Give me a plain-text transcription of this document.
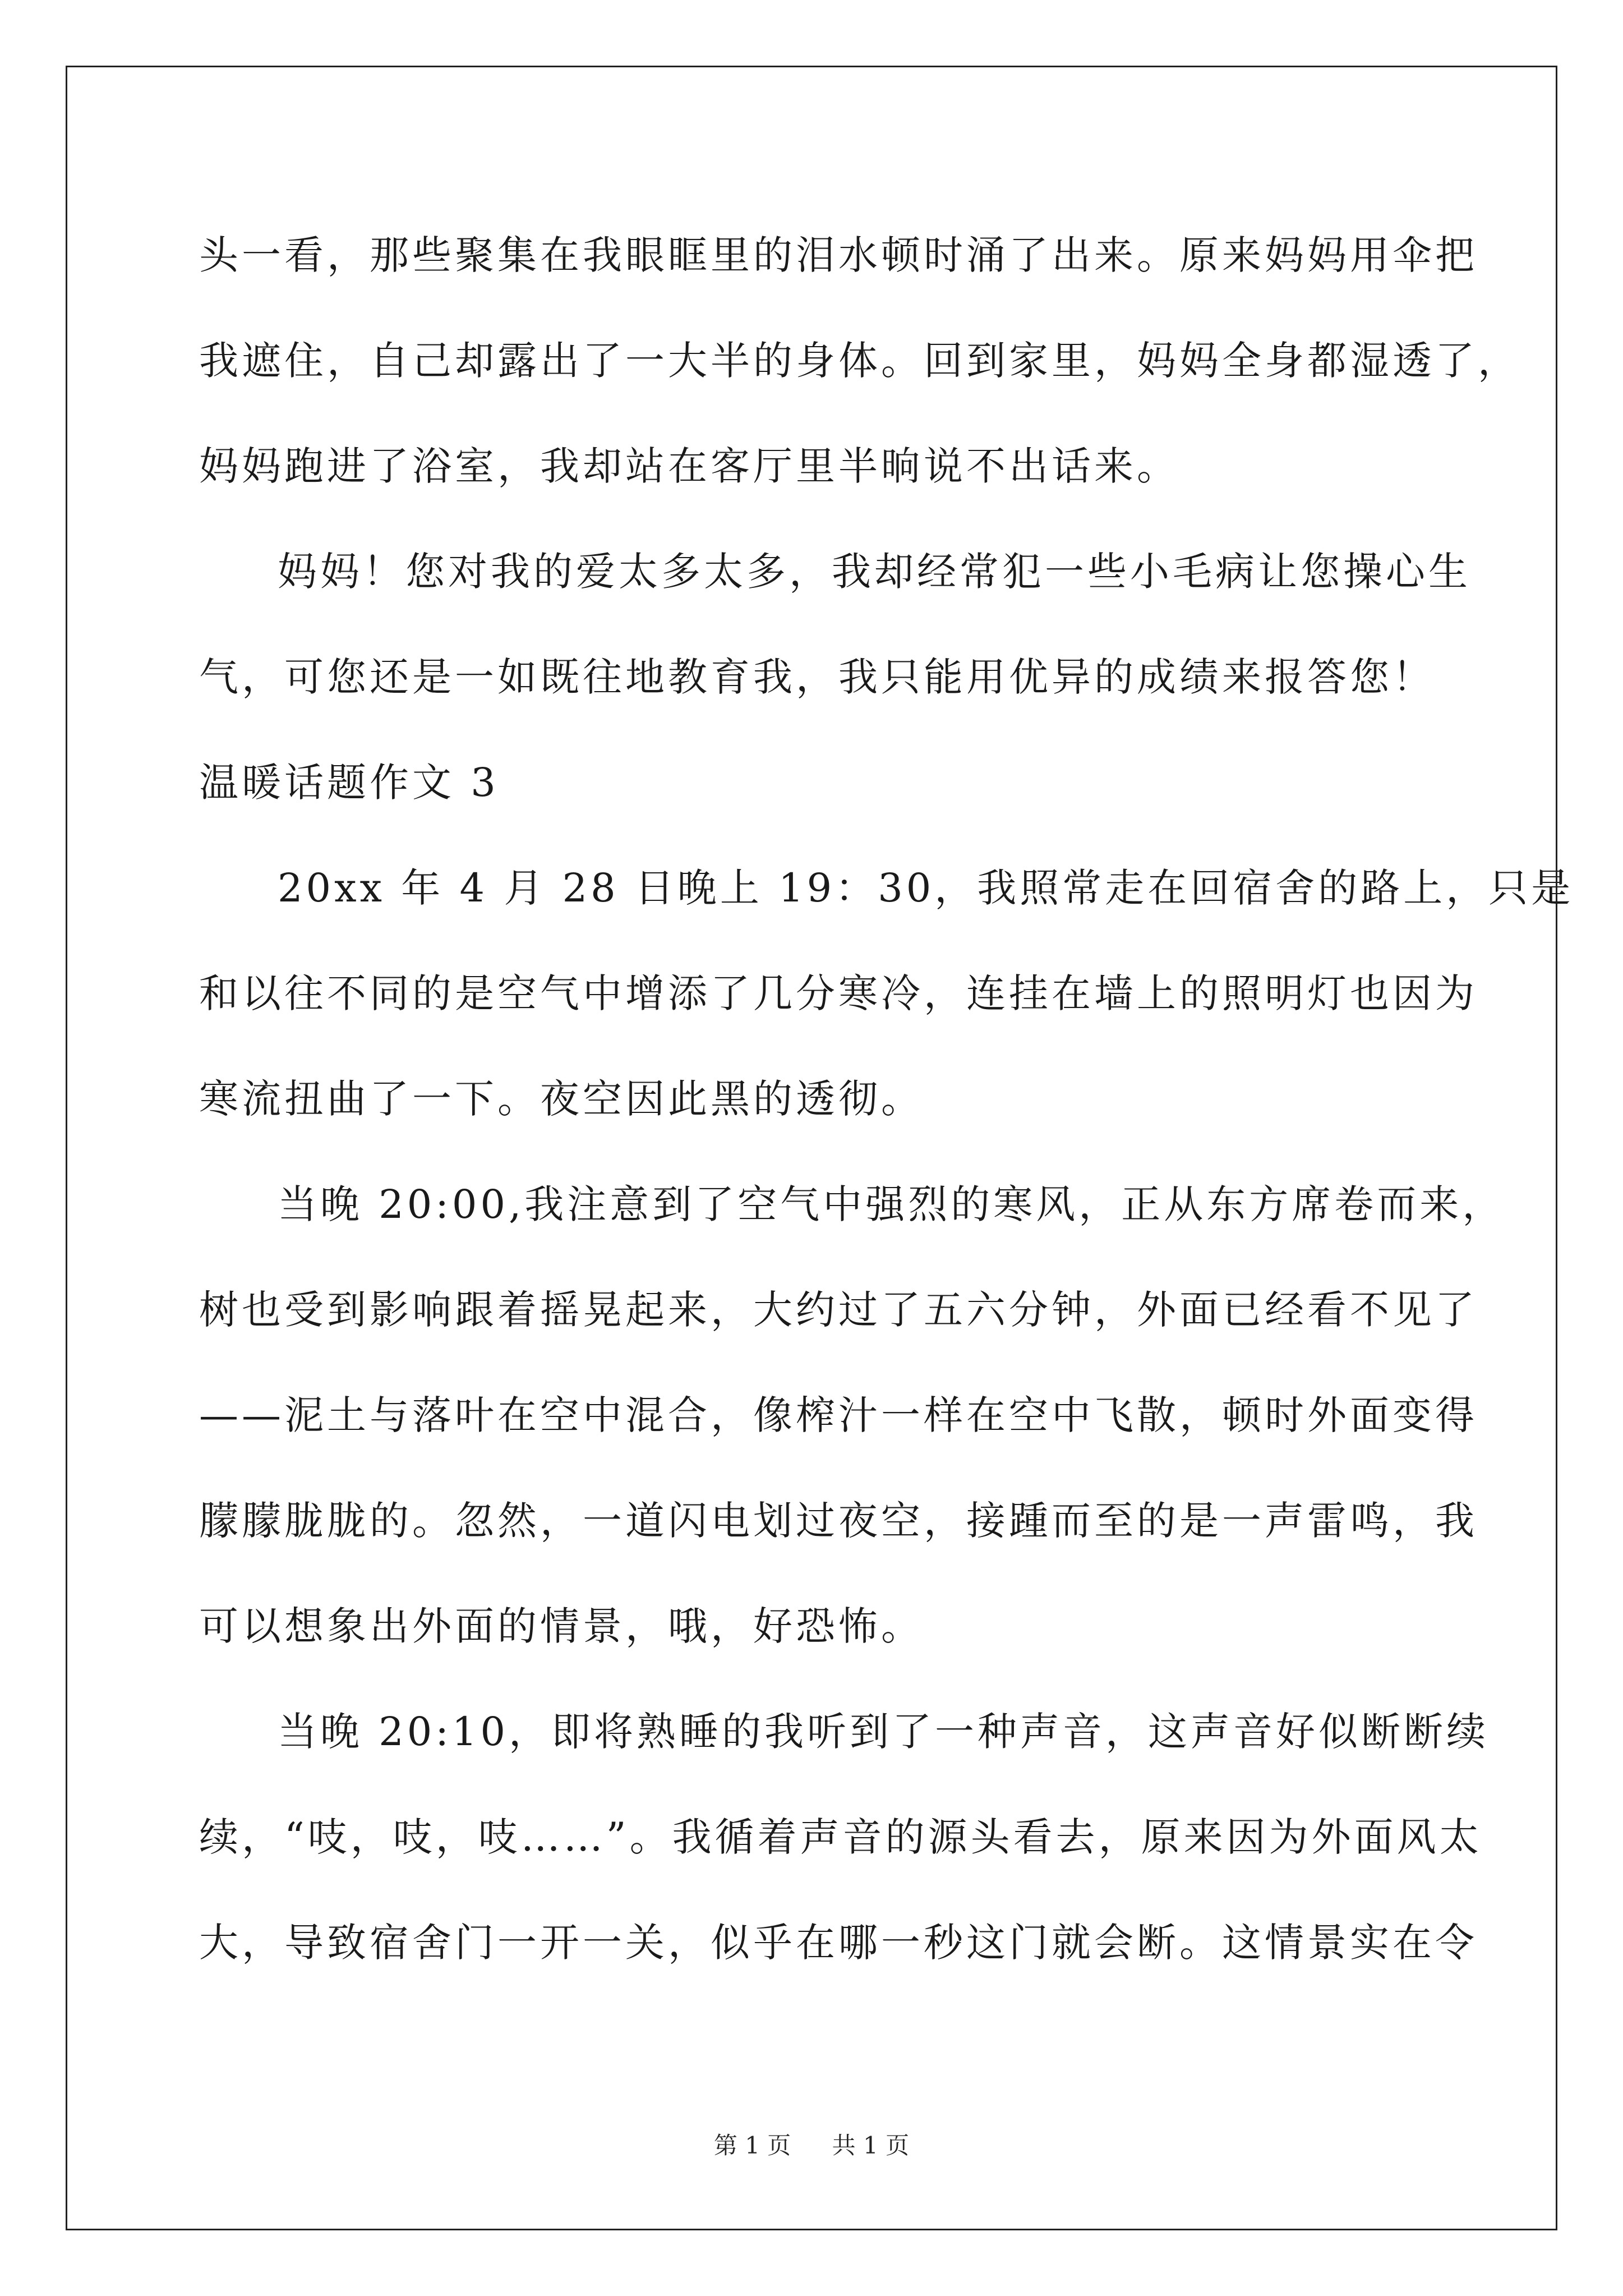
头一看，那些聚集在我眼眶里的泪水顿时涌了出来。原来妈妈用伞把
我遮住，自己却露出了一大半的身体。回到家里，妈妈全身都湿透了，
妈妈跑进了浴室，我却站在客厅里半晌说不出话来。
妈妈！您对我的爱太多太多，我却经常犯一些小毛病让您操心生
气，可您还是一如既往地教育我，我只能用优异的成绩来报答您！
温暖话题作文 3
20xx 年 4 月 28 日晚上 19：30，我照常走在回宿舍的路上，只是
和以往不同的是空气中增添了几分寒冷，连挂在墙上的照明灯也因为
寒流扭曲了一下。夜空因此黑的透彻。
当晚 20:00,我注意到了空气中强烈的寒风，正从东方席卷而来，
树也受到影响跟着摇晃起来，大约过了五六分钟，外面已经看不见了
——泥土与落叶在空中混合，像榨汁一样在空中飞散，顿时外面变得
朦朦胧胧的。忽然，一道闪电划过夜空，接踵而至的是一声雷鸣，我
可以想象出外面的情景，哦，好恐怖。
当晚 20:10，即将熟睡的我听到了一种声音，这声音好似断断续
续，“吱，吱，吱……”。我循着声音的源头看去，原来因为外面风太
大，导致宿舍门一开一关，似乎在哪一秒这门就会断。这情景实在令
第 1 页 共 1 页
